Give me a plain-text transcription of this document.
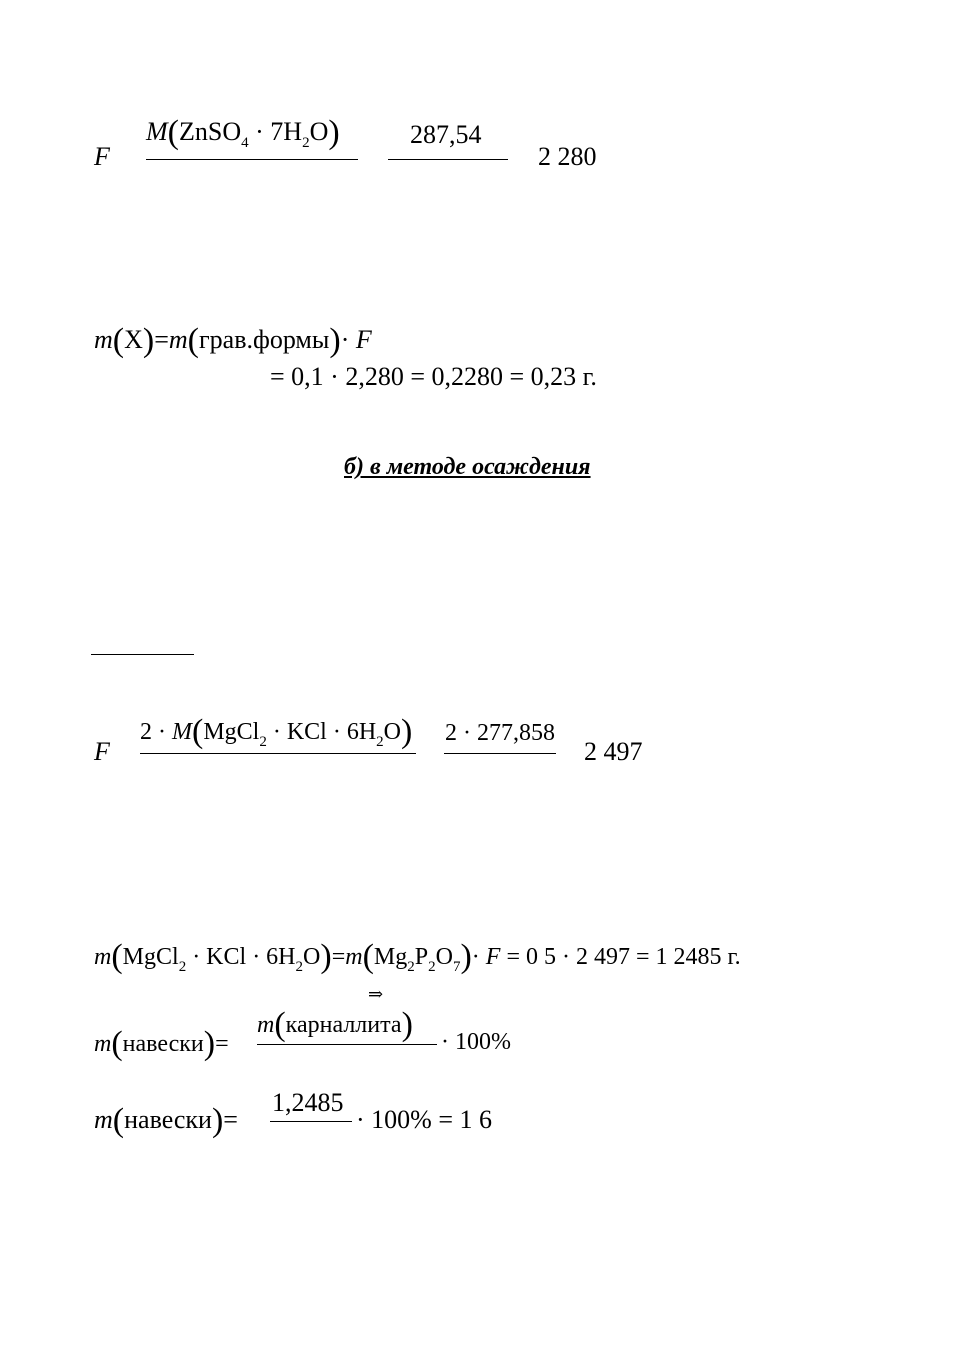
F
M(ZnSO$_4$ · $7H_2O$)	287,54
2 280
m(X)=m(грав.формы)· F
= 0,1 · 2,280 = 0,2280 = 0,23 г.
б) в методе осаждения
F
2 · M(MgCl$_2$ · KCl · $6H_2O$) 2 · 277,858
2 497
m(MgCl$_2$ · KCl · $6H_2O)=m(Mg_2P_2O_7)\cdot F = 0$ 5 · 2 497 = 1 2485 г.
⇒
m(навески)=
m(карналлита) · 100%
m(навески)=
1,2485
· 100% = 1 6
